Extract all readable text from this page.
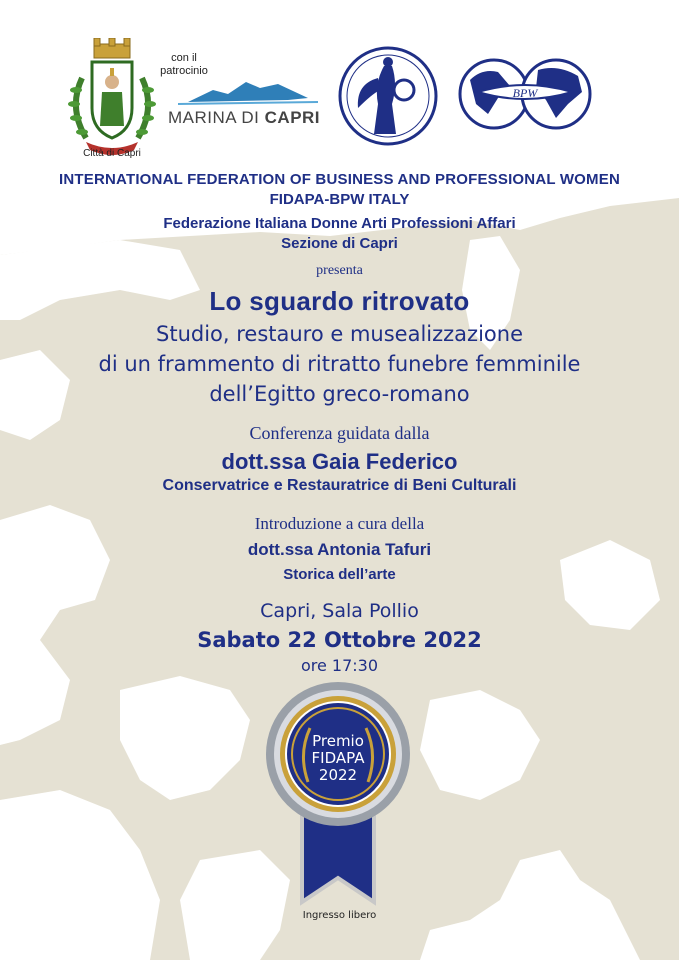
Città di Capri
con il patrocinio
MARINA DI CAPRI
BPW
INTERNATIONAL FEDERATION OF BUSINESS AND PROFESSIONAL WOMEN
FIDAPA-BPW ITALY
Federazione Italiana Donne Arti Professioni Affari
Sezione di Capri
presenta
Lo sguardo ritrovato
Studio, restauro e musealizzazione
di un frammento di ritratto funebre femminile
dell’Egitto greco-romano
Conferenza guidata dalla
dott.ssa Gaia Federico
Conservatrice e Restauratrice di Beni Culturali
Introduzione a cura della
dott.ssa Antonia Tafuri
Storica dell’arte
Capri, Sala Pollio
Sabato 22 Ottobre 2022
ore 17:30
Premio
FIDAPA
2022
Ingresso libero
